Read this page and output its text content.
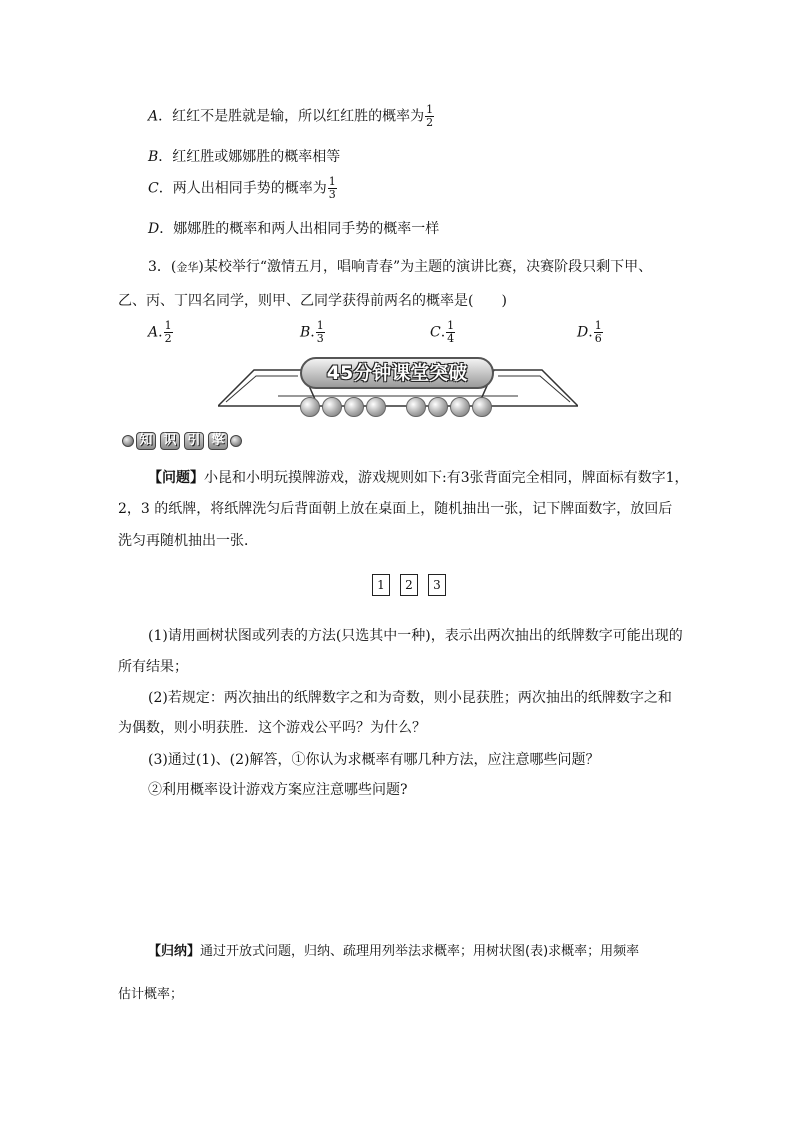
A．红红不是胜就是输，所以红红胜的概率为 $\frac{1}{2}$
B．红红胜或娜娜胜的概率相等
C．两人出相同手势的概率为 $\frac{1}{3}$
D．娜娜胜的概率和两人出相同手势的概率一样
3．(金华)某校举行“激情五月，唱响青春”为主题的演讲比赛，决赛阶段只剩下甲、
乙、丙、丁四名同学，则甲、乙同学获得前两名的概率是(　　)
A. $\frac{1}{2}$	B. $\frac{1}{3}$	C. $\frac{1}{4}$	D. $\frac{1}{6}$
45分钟课堂突破
知 识 引 擎
【问题】小昆和小明玩摸牌游戏，游戏规则如下:有3张背面完全相同，牌面标有数字1，
2，3 的纸牌，将纸牌洗匀后背面朝上放在桌面上，随机抽出一张，记下牌面数字，放回后
洗匀再随机抽出一张．
1 2 3
(1)请用画树状图或列表的方法(只选其中一种)，表示出两次抽出的纸牌数字可能出现的
所有结果；
(2)若规定：两次抽出的纸牌数字之和为奇数，则小昆获胜；两次抽出的纸牌数字之和
为偶数，则小明获胜．这个游戏公平吗？为什么？
(3)通过(1)、(2)解答，①你认为求概率有哪几种方法，应注意哪些问题？
②利用概率设计游戏方案应注意哪些问题?
【归纳】通过开放式问题，归纳、疏理用列举法求概率；用树状图(表)求概率；用频率
估计概率；
